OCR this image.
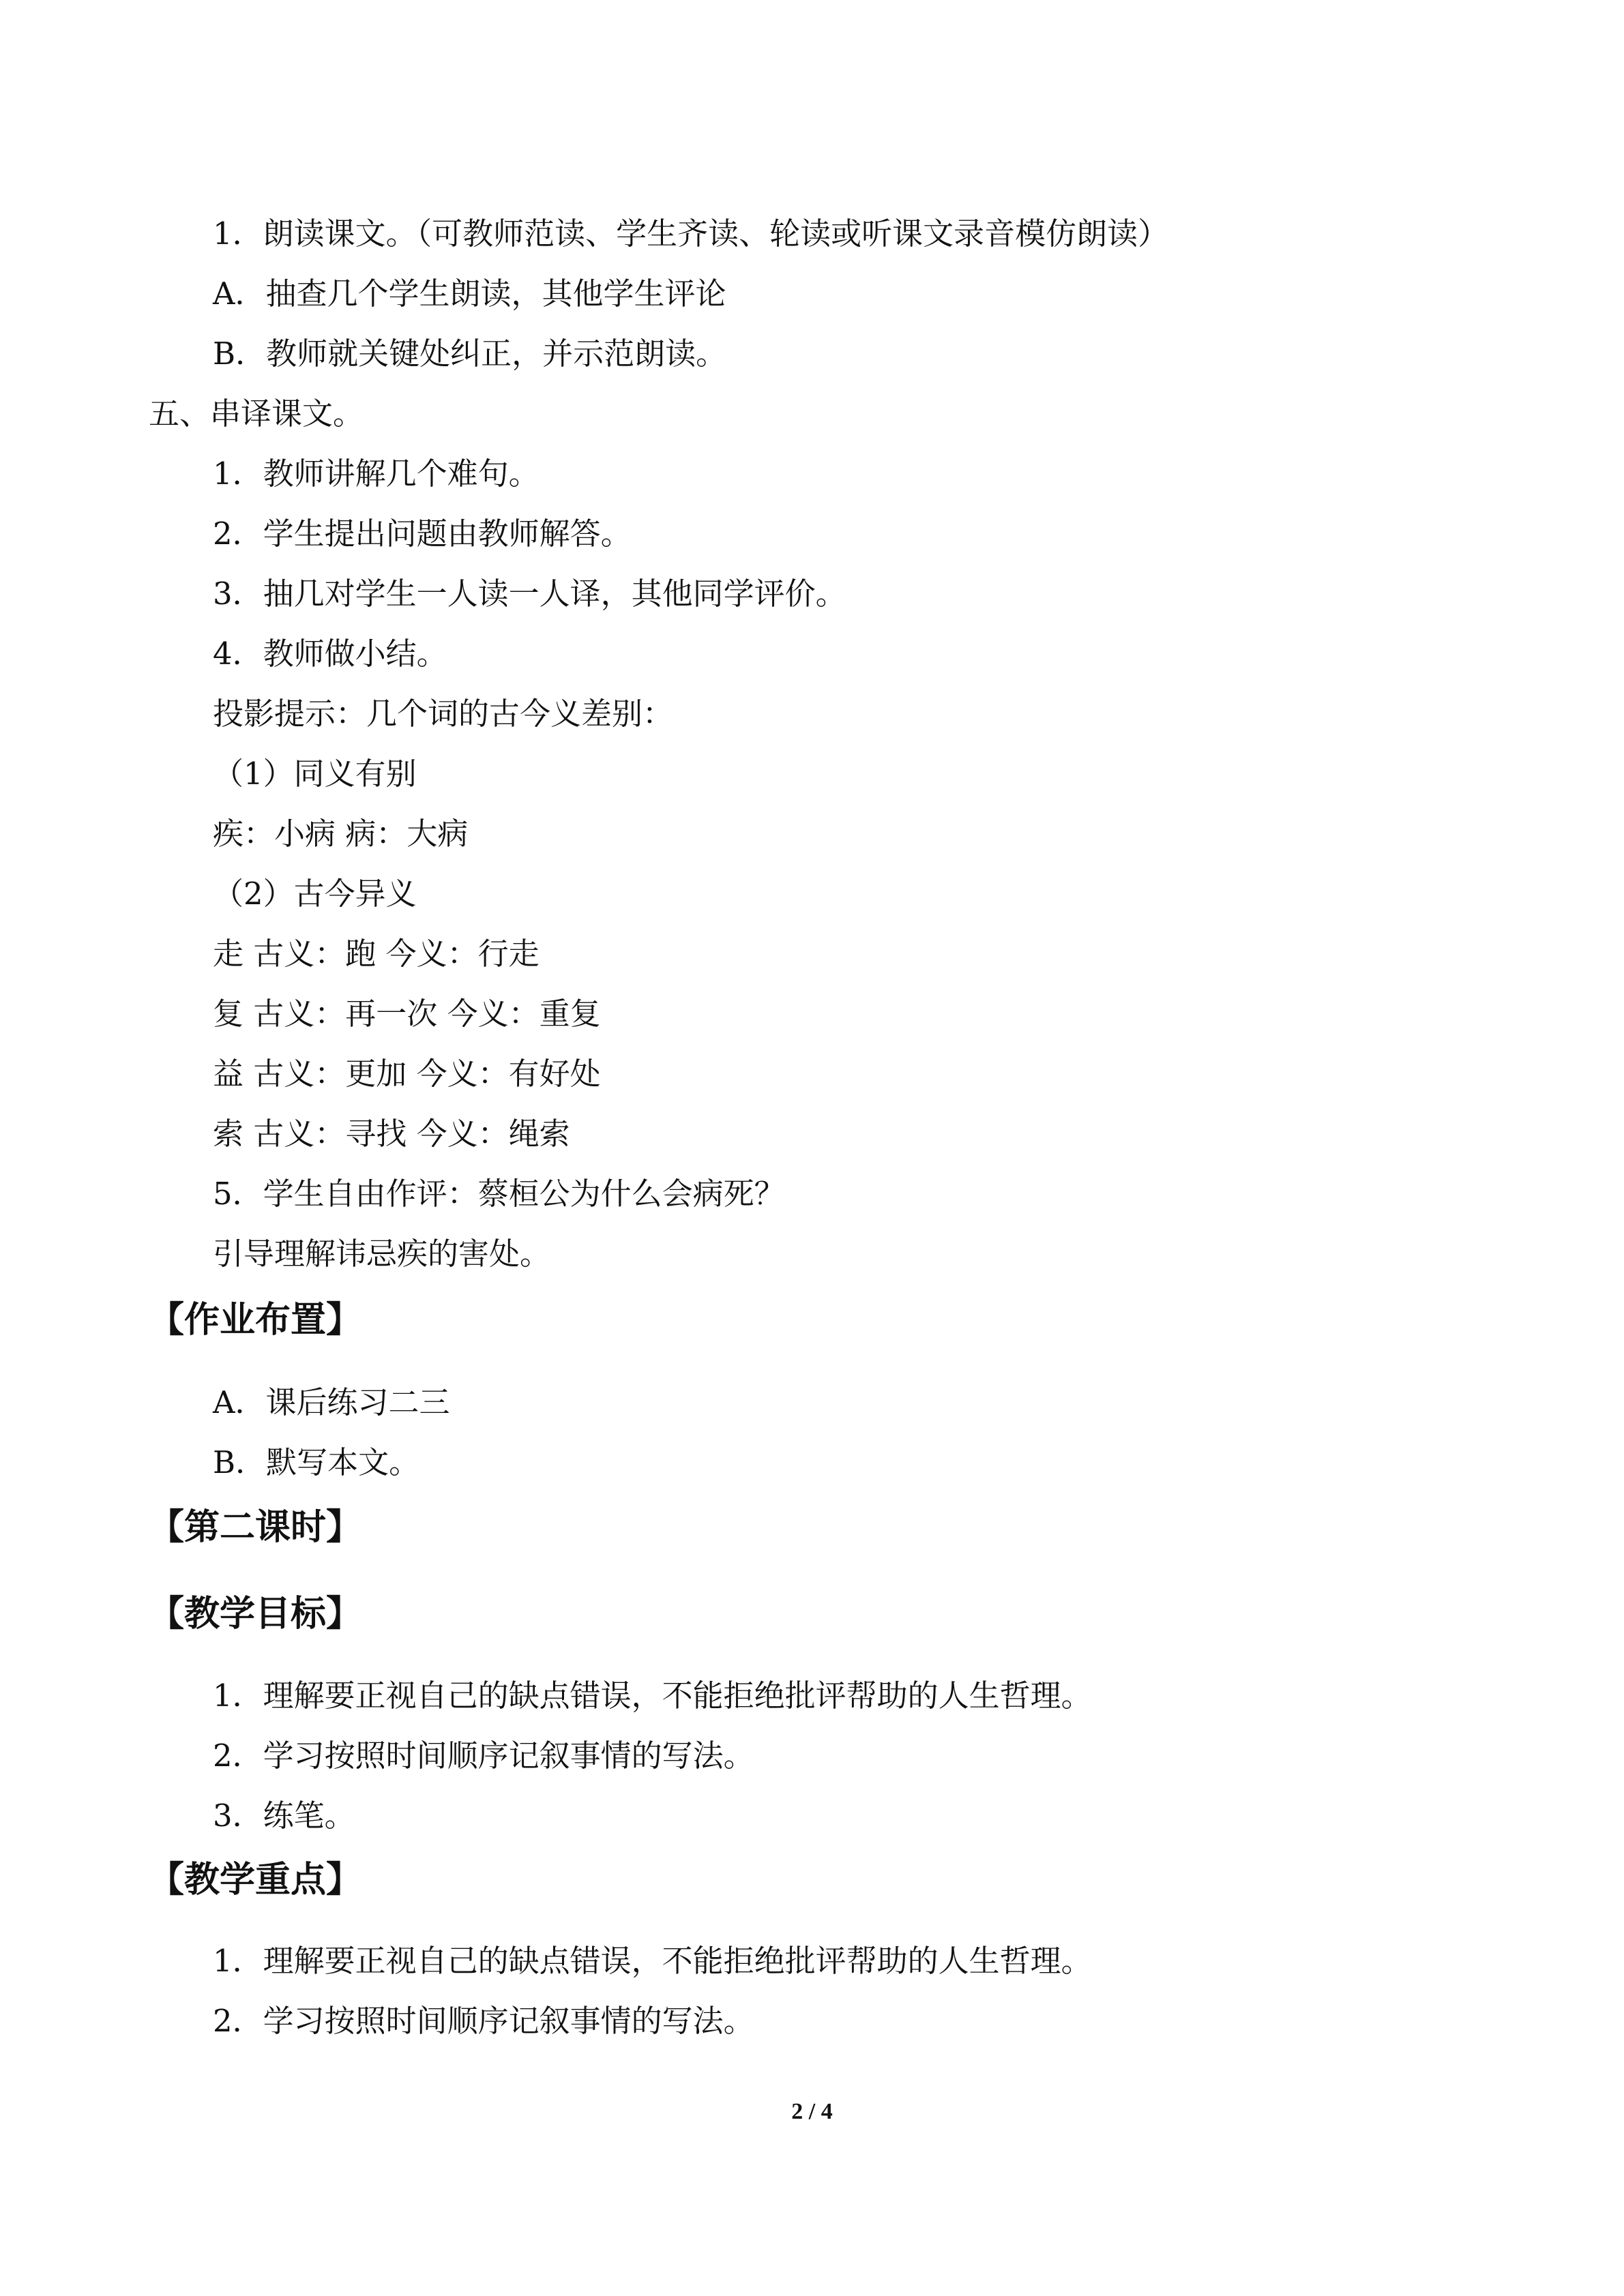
1．朗读课文。（可教师范读、学生齐读、轮读或听课文录音模仿朗读）
A．抽查几个学生朗读，其他学生评论
B．教师就关键处纠正，并示范朗读。
五、串译课文。
1．教师讲解几个难句。
2．学生提出问题由教师解答。
3．抽几对学生一人读一人译，其他同学评价。
4．教师做小结。
投影提示：几个词的古今义差别：
（1）同义有别
疾：小病 病：大病
（2）古今异义
走 古义：跑 今义：行走
复 古义：再一次 今义：重复
益 古义：更加 今义：有好处
索 古义：寻找 今义：绳索
5．学生自由作评：蔡桓公为什么会病死？
引导理解讳忌疾的害处。
【作业布置】
A．课后练习二三
B．默写本文。
【第二课时】
【教学目标】
1．理解要正视自己的缺点错误，不能拒绝批评帮助的人生哲理。
2．学习按照时间顺序记叙事情的写法。
3．练笔。
【教学重点】
1．理解要正视自己的缺点错误，不能拒绝批评帮助的人生哲理。
2．学习按照时间顺序记叙事情的写法。
2 / 4
